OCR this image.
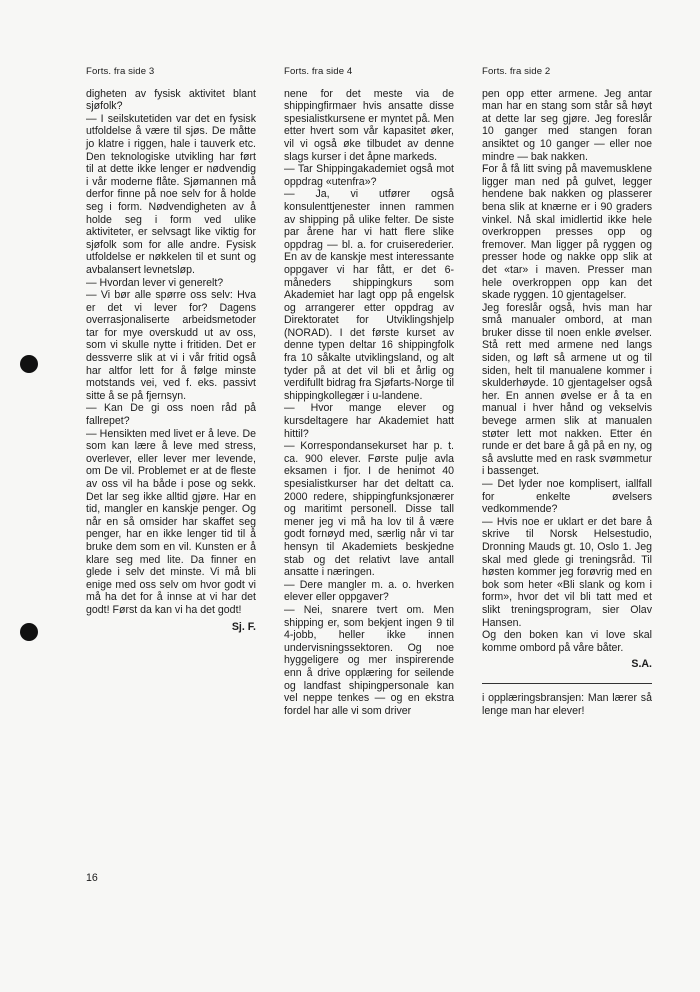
Forts. fra side 3

digheten av fysisk aktivitet blant sjøfolk?

— I seilskutetiden var det en fysisk utfoldelse å være til sjøs. De måtte jo klatre i riggen, hale i tauverk etc. Den teknologiske utvikling har ført til at dette ikke lenger er nødvendig i vår moderne flåte. Sjømannen må derfor finne på noe selv for å holde seg i form. Nødvendigheten av å holde seg i form ved ulike aktiviteter, er selvsagt like viktig for sjøfolk som for alle andre. Fysisk utfoldelse er nøkkelen til et sunt og avbalansert levnetsløp.

— Hvordan lever vi generelt?

— Vi bør alle spørre oss selv: Hva er det vi lever for? Dagens overrasjonaliserte arbeidsmetoder tar for mye overskudd ut av oss, som vi skulle nytte i fritiden. Det er dessverre slik at vi i vår fritid også har altfor lett for å følge minste motstands vei, ved f. eks. passivt sitte å se på fjernsyn.

— Kan De gi oss noen råd på fallrepet?

— Hensikten med livet er å leve. De som kan lære å leve med stress, overlever, eller lever mer levende, om De vil. Problemet er at de fleste av oss vil ha både i pose og sekk. Det lar seg ikke alltid gjøre. Har en tid, mangler en kanskje penger. Og når en så omsider har skaffet seg penger, har en ikke lenger tid til å bruke dem som en vil. Kunsten er å klare seg med lite. Da finner en glede i selv det minste. Vi må bli enige med oss selv om hvor godt vi må ha det for å innse at vi har det godt! Først da kan vi ha det godt!

Sj. F.
Forts. fra side 4

nene for det meste via de shippingfirmaer hvis ansatte disse spesialistkursene er myntet på. Men etter hvert som vår kapasitet øker, vil vi også øke tilbudet av denne slags kurser i det åpne markeds.

— Tar Shippingakademiet også mot oppdrag «utenfra»?

— Ja, vi utfører også konsulenttjenester innen rammen av shipping på ulike felter. De siste par årene har vi hatt flere slike oppdrag — bl. a. for cruiserederier. En av de kanskje mest interessante oppgaver vi har fått, er det 6-måneders shippingkurs som Akademiet har lagt opp på engelsk og arrangerer etter oppdrag av Direktoratet for Utviklingshjelp (NORAD). I det første kurset av denne typen deltar 16 shippingfolk fra 10 såkalte utviklingsland, og alt tyder på at det vil bli et årlig og verdifullt bidrag fra Sjøfarts-Norge til shippingkollegær i u-landene.

— Hvor mange elever og kursdeltagere har Akademiet hatt hittil?

— Korrespondansekurset har p. t. ca. 900 elever. Første pulje avla eksamen i fjor. I de henimot 40 spesialistkurser har det deltatt ca. 2000 redere, shippingfunksjonærer og maritimt personell. Disse tall mener jeg vi må ha lov til å være godt fornøyd med, særlig når vi tar hensyn til Akademiets beskjedne stab og det relativt lave antall ansatte i næringen.

— Dere mangler m. a. o. hverken elever eller oppgaver?

— Nei, snarere tvert om. Men shipping er, som bekjent ingen 9 til 4-jobb, heller ikke innen undervisningssektoren. Og noe hyggeligere og mer inspirerende enn å drive opplæring for seilende og landfast shipingpersonale kan vel neppe tenkes — og en ekstra fordel har alle vi som driver

Forts. fra side 2

pen opp etter armene. Jeg antar man har en stang som står så høyt at dette lar seg gjøre. Jeg foreslår 10 ganger med stangen foran ansiktet og 10 ganger — eller noe mindre — bak nakken.

For å få litt sving på mavemusklene ligger man ned på gulvet, legger hendene bak nakken og plasserer bena slik at knærne er i 90 graders vinkel. Nå skal imidlertid ikke hele overkroppen presses opp og fremover. Man ligger på ryggen og presser hode og nakke opp slik at det «tar» i maven. Presser man hele overkroppen opp kan det skade ryggen. 10 gjentagelser.

Jeg foreslår også, hvis man har små manualer ombord, at man bruker disse til noen enkle øvelser. Stå rett med armene ned langs siden, og løft så armene ut og til siden, helt til manualene kommer i skulderhøyde. 10 gjentagelser også her. En annen øvelse er å ta en manual i hver hånd og vekselvis bevege armen slik at manualen støter lett mot nakken. Etter én runde er det bare å gå på en ny, og så avslutte med en rask svømmetur i bassenget.

— Det lyder noe komplisert, iallfall for enkelte øvelsers vedkommende?

— Hvis noe er uklart er det bare å skrive til Norsk Helsestudio, Dronning Mauds gt. 10, Oslo 1. Jeg skal med glede gi treningsråd. Til høsten kommer jeg forøvrig med en bok som heter «Bli slank og kom i form», hvor det vil bli tatt med et slikt treningsprogram, sier Olav Hansen.

Og den boken kan vi love skal komme ombord på våre båter.

S.A.

i opplæringsbransjen: Man lærer så lenge man har elever!

16
